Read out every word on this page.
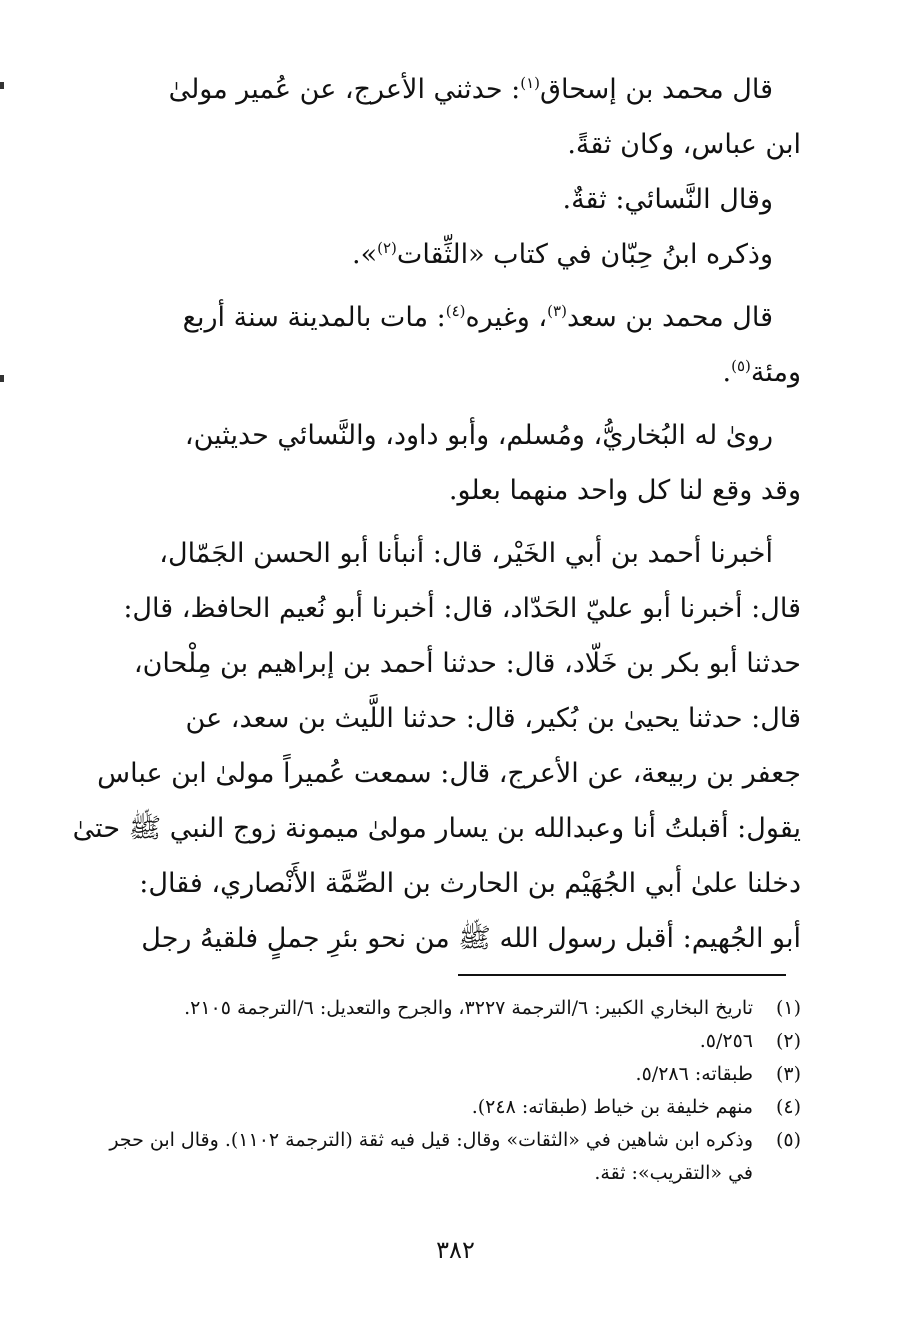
قال محمد بن إسحاق$^{(١)}$: حدثني الأعرج، عن عُمير مولىٰ
ابن عباس، وكان ثقةً.

وقال النَّسائي: ثقةٌ.

وذكره ابنُ حِبّان في كتاب «الثِّقات$^{(٢)}$».

قال محمد بن سعد$^{(٣)}$، وغيره$^{(٤)}$: مات بالمدينة سنة أربع
ومئة$^{(٥)}$.

روىٰ له البُخاريُّ، ومُسلم، وأبو داود، والنَّسائي حديثين،
وقد وقع لنا كل واحد منهما بعلو.

أخبرنا أحمد بن أبي الخَيْر، قال: أنبأنا أبو الحسن الجَمّال،
قال: أخبرنا أبو عليّ الحَدّاد، قال: أخبرنا أبو نُعيم الحافظ، قال:
حدثنا أبو بكر بن خَلّاد، قال: حدثنا أحمد بن إبراهيم بن مِلْحان،
قال: حدثنا يحيىٰ بن بُكير، قال: حدثنا اللَّيث بن سعد، عن
جعفر بن ربيعة، عن الأعرج، قال: سمعت عُميراً مولىٰ ابن عباس
يقول: أقبلتُ أنا وعبدالله بن يسار مولىٰ ميمونة زوج النبي ﷺ حتىٰ
دخلنا علىٰ أبي الجُهَيْم بن الحارث بن الصِّمَّة الأَنْصاري، فقال:
أبو الجُهيم: أقبل رسول الله ﷺ من نحو بئرِ جملٍ فلقيهُ رجل

(١)
تاريخ البخاري الكبير: ٦/الترجمة ٣٢٢٧، والجرح والتعديل: ٦/الترجمة ٢١٠٥.
(٢)
٥/٢٥٦.
(٣)
طبقاته: ٥/٢٨٦.
(٤)
منهم خليفة بن خياط (طبقاته: ٢٤٨).
(٥)
وذكره ابن شاهين في «الثقات» وقال: قيل فيه ثقة (الترجمة ١١٠٢). وقال ابن حجر
في «التقريب»: ثقة.
٣٨٢
